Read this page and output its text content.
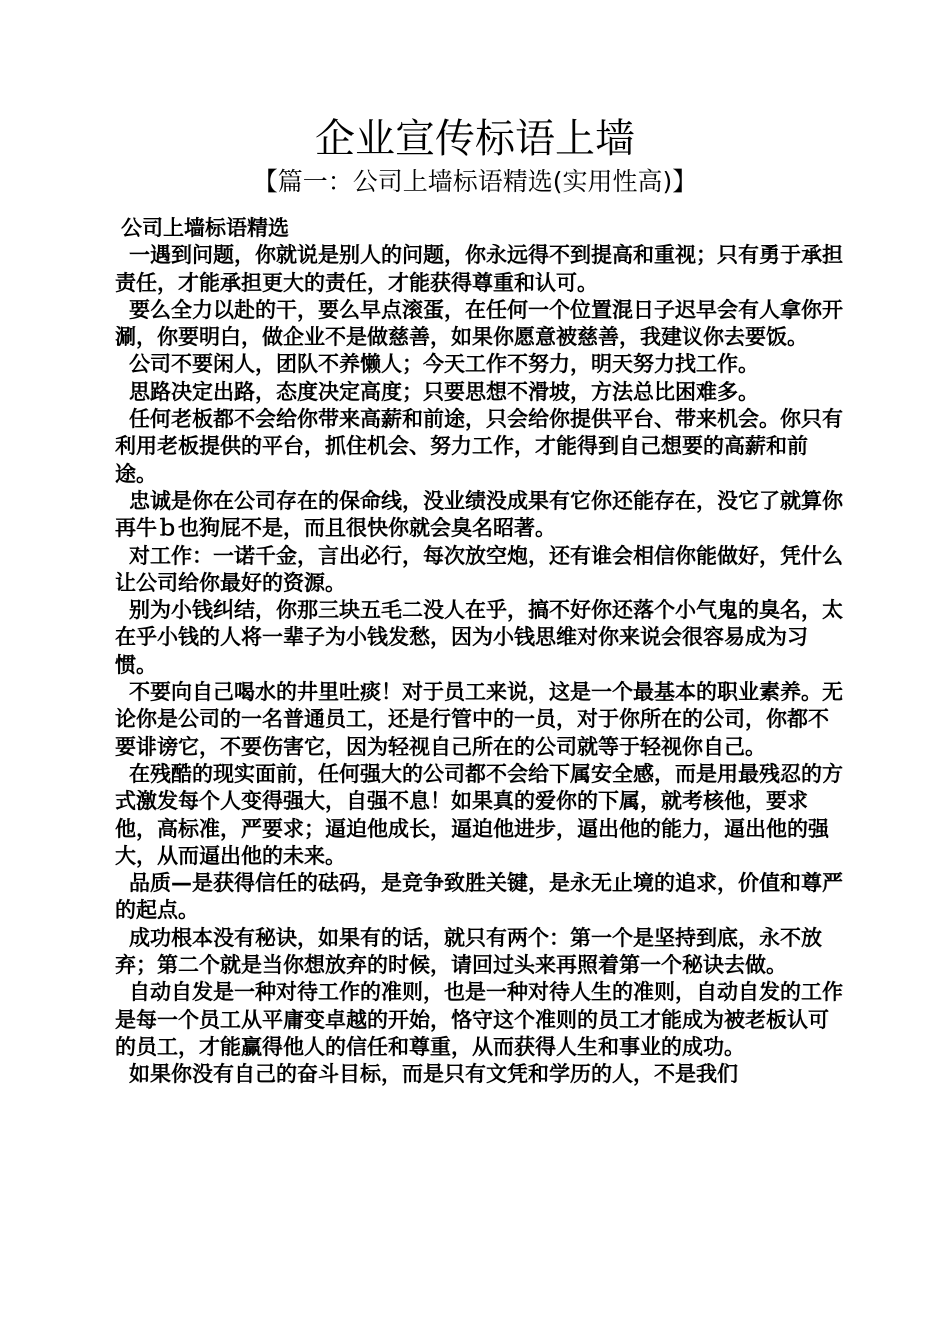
企业宣传标语上墙
【篇一：公司上墙标语精选(实用性高)】

公司上墙标语精选

一遇到问题，你就说是别人的问题，你永远得不到提高和重视；只有勇于承担责任，才能承担更大的责任，才能获得尊重和认可。

要么全力以赴的干，要么早点滚蛋，在任何一个位置混日子迟早会有人拿你开涮，你要明白，做企业不是做慈善，如果你愿意被慈善，我建议你去要饭。

公司不要闲人，团队不养懒人；今天工作不努力，明天努力找工作。

思路决定出路，态度决定高度；只要思想不滑坡，方法总比困难多。

任何老板都不会给你带来高薪和前途，只会给你提供平台、带来机会。你只有利用老板提供的平台，抓住机会、努力工作，才能得到自己想要的高薪和前途。

忠诚是你在公司存在的保命线，没业绩没成果有它你还能存在，没它了就算你再牛ｂ也狗屁不是，而且很快你就会臭名昭著。

对工作：一诺千金，言出必行，每次放空炮，还有谁会相信你能做好，凭什么让公司给你最好的资源。

别为小钱纠结，你那三块五毛二没人在乎，搞不好你还落个小气鬼的臭名，太在乎小钱的人将一辈子为小钱发愁，因为小钱思维对你来说会很容易成为习惯。

不要向自己喝水的井里吐痰！对于员工来说，这是一个最基本的职业素养。无论你是公司的一名普通员工，还是行管中的一员，对于你所在的公司，你都不要诽谤它，不要伤害它，因为轻视自己所在的公司就等于轻视你自己。

在残酷的现实面前，任何强大的公司都不会给下属安全感，而是用最残忍的方式激发每个人变得强大，自强不息！如果真的爱你的下属，就考核他，要求他，高标准，严要求；逼迫他成长，逼迫他进步，逼出他的能力，逼出他的强大，从而逼出他的未来。

品质—是获得信任的砝码，是竞争致胜关键，是永无止境的追求，价值和尊严的起点。

成功根本没有秘诀，如果有的话，就只有两个：第一个是坚持到底，永不放弃；第二个就是当你想放弃的时候，请回过头来再照着第一个秘诀去做。

自动自发是一种对待工作的准则，也是一种对待人生的准则，自动自发的工作是每一个员工从平庸变卓越的开始，恪守这个准则的员工才能成为被老板认可的员工，才能赢得他人的信任和尊重，从而获得人生和事业的成功。

如果你没有自己的奋斗目标，而是只有文凭和学历的人，不是我们
